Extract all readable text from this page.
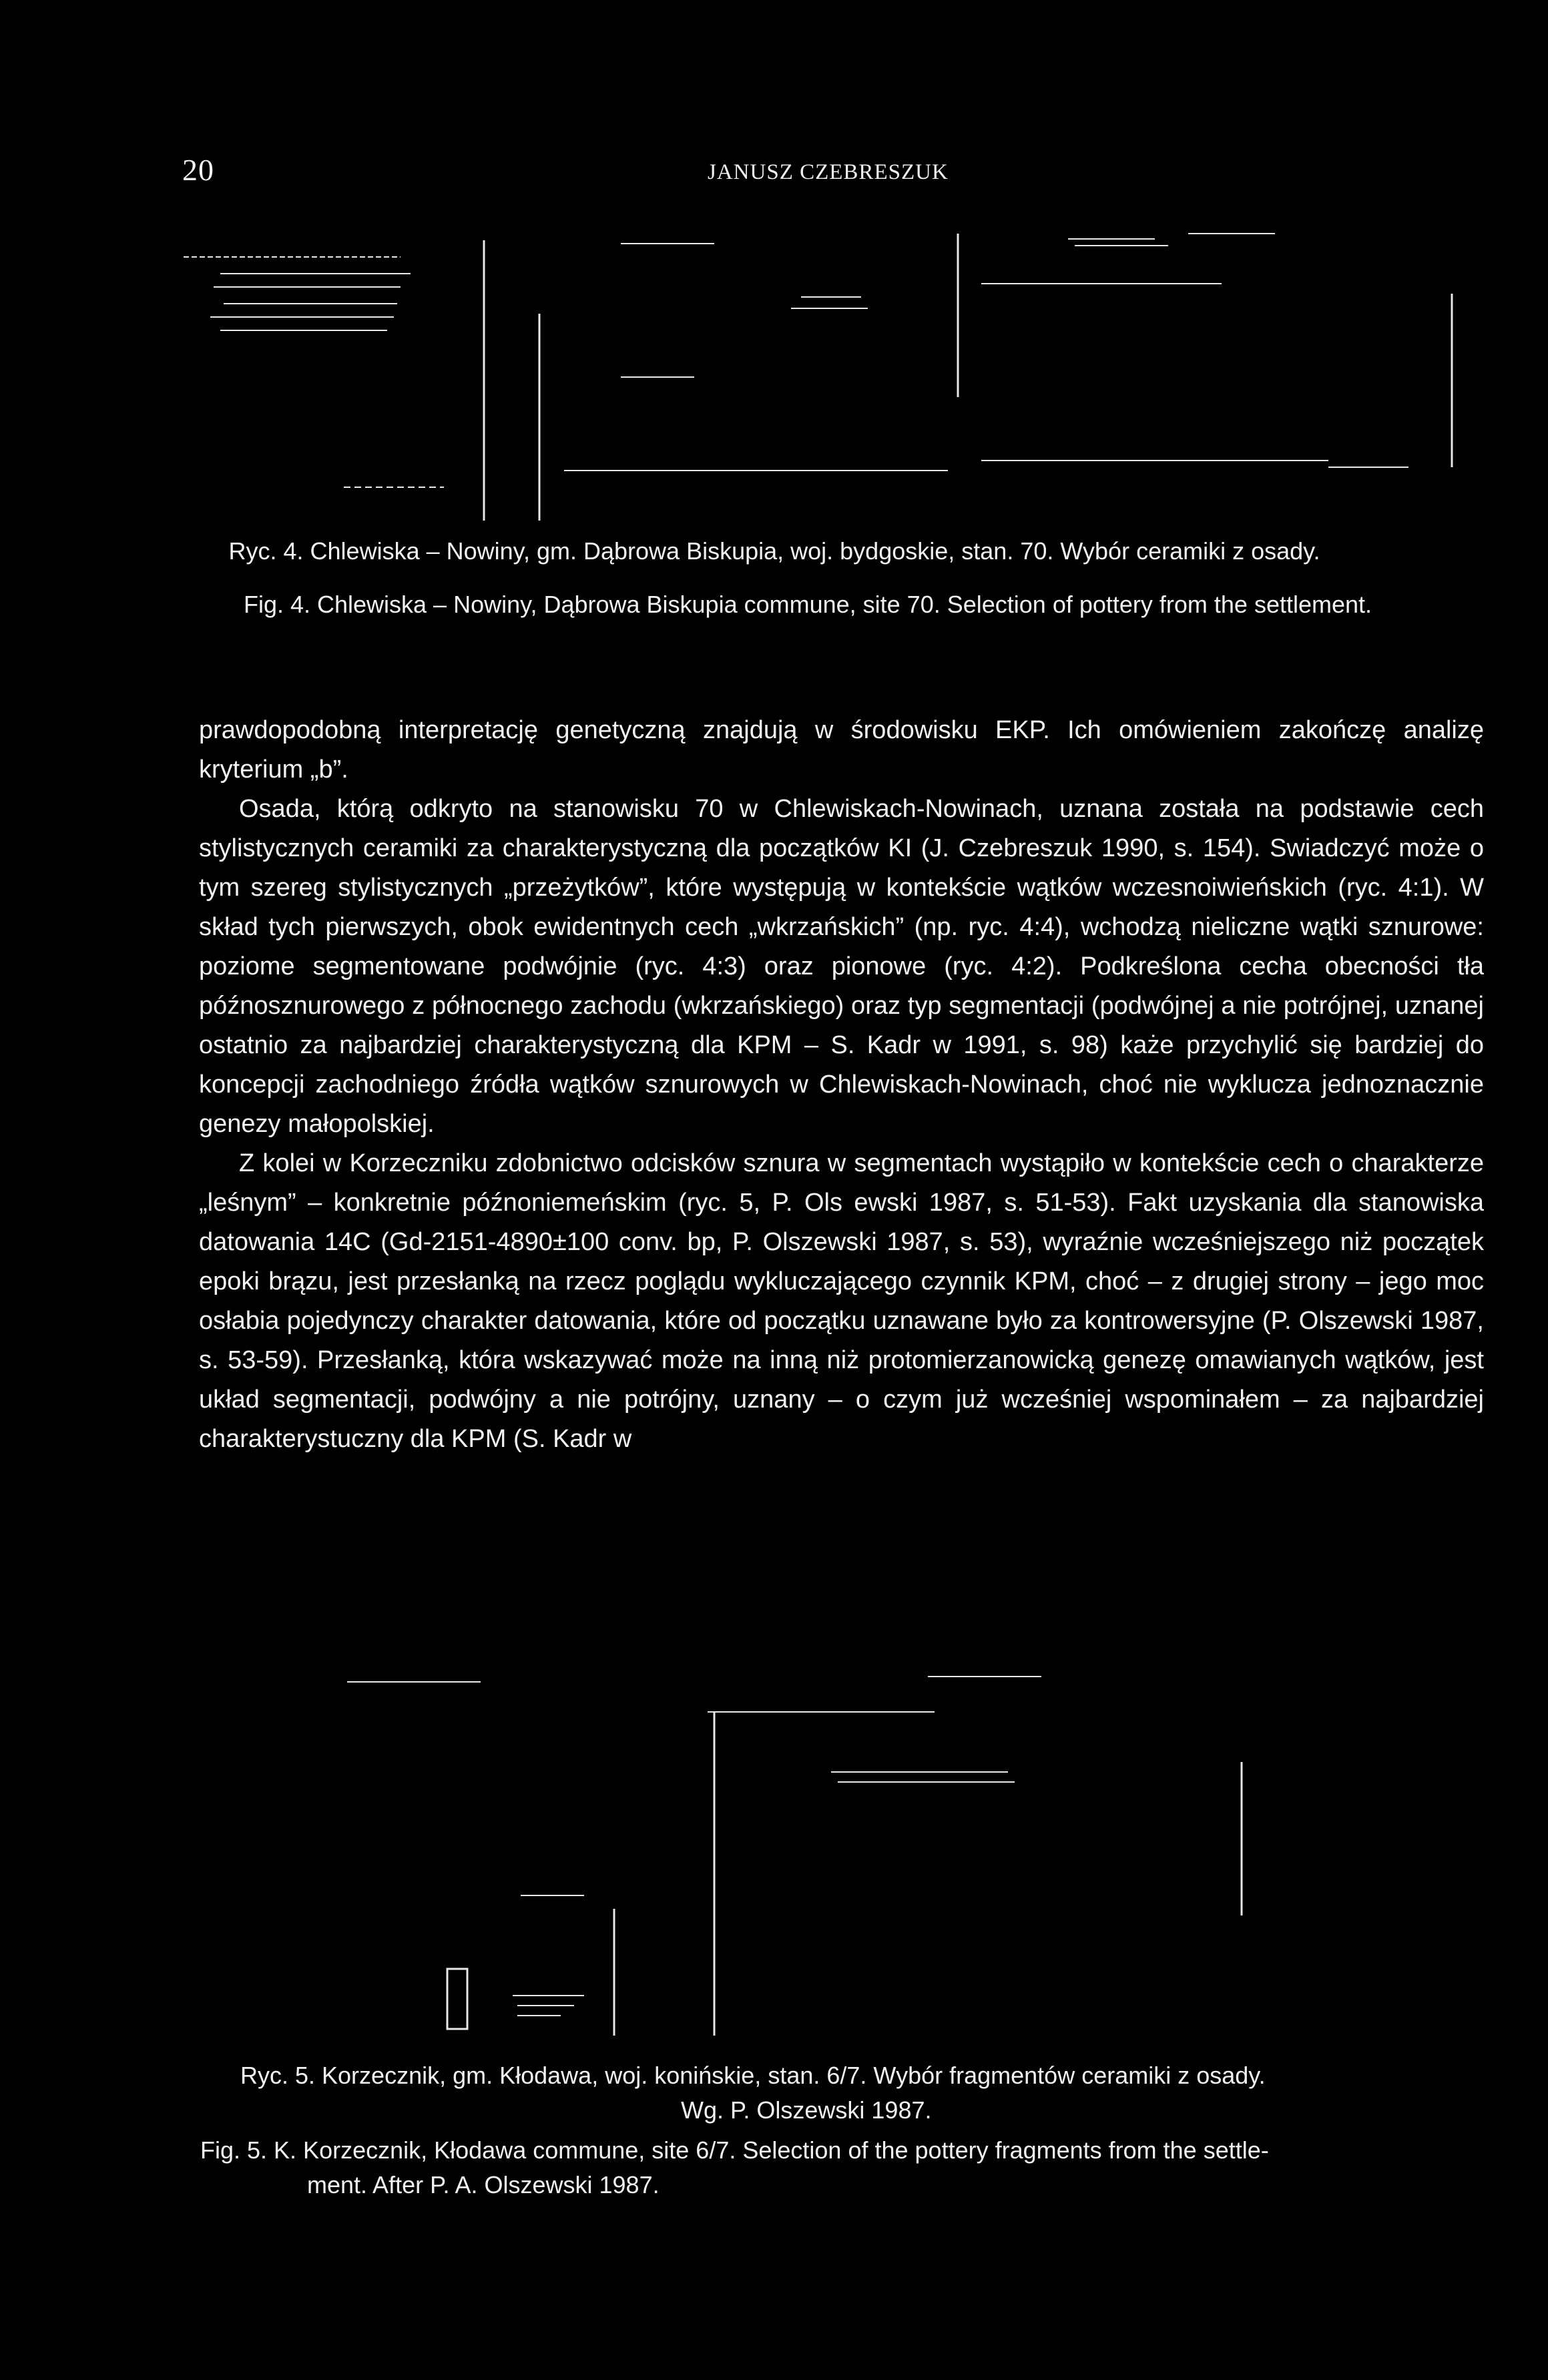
20	JANUSZ CZEBRESZUK
Ryc. 4. Chlewiska – Nowiny, gm. Dąbrowa Biskupia, woj. bydgoskie, stan. 70. Wybór ceramiki z osady.
Fig. 4. Chlewiska – Nowiny, Dąbrowa Biskupia commune, site 70. Selection of pottery from the settlement.

prawdopodobną interpretację genetyczną znajdują w środowisku EKP. Ich omówieniem zakończę analizę kryterium „b”.

Osada, którą odkryto na stanowisku 70 w Chlewiskach-Nowinach, uznana została na podstawie cech stylistycznych ceramiki za charakterystyczną dla początków KI (J. Czebreszuk 1990, s. 154). Swiadczyć może o tym szereg stylistycznych „przeżytków”, które występują w kontekście wątków wczesnoiwieńskich (ryc. 4:1). W skład tych pierwszych, obok ewidentnych cech „wkrzańskich” (np. ryc. 4:4), wchodzą nieliczne wątki sznurowe: poziome segmentowane podwójnie (ryc. 4:3) oraz pionowe (ryc. 4:2). Podkreślona cecha obecności tła późnosznurowego z północnego zachodu (wkrzańskiego) oraz typ segmentacji (podwójnej a nie potrójnej, uznanej ostatnio za najbardziej charakterystyczną dla KPM – S. Kadr w 1991, s. 98) każe przychylić się bardziej do koncepcji zachodniego źródła wątków sznurowych w Chlewiskach-Nowinach, choć nie wyklucza jednoznacznie genezy małopolskiej.

Z kolei w Korzeczniku zdobnictwo odcisków sznura w segmentach wystąpiło w kontekście cech o charakterze „leśnym” – konkretnie późnoniemeńskim (ryc. 5, P. Ols ewski 1987, s. 51-53). Fakt uzyskania dla stanowiska datowania 14C (Gd-2151-4890±100 conv. bp, P. Olszewski 1987, s. 53), wyraźnie wcześniejszego niż początek epoki brązu, jest przesłanką na rzecz poglądu wykluczającego czynnik KPM, choć – z drugiej strony – jego moc osłabia pojedynczy charakter datowania, które od początku uznawane było za kontrowersyjne (P. Olszewski 1987, s. 53-59). Przesłanką, która wskazywać może na inną niż protomierzanowicką genezę omawianych wątków, jest układ segmentacji, podwójny a nie potrójny, uznany – o czym już wcześniej wspominałem – za najbardziej charakterystuczny dla KPM (S. Kadr w

Ryc. 5. Korzecznik, gm. Kłodawa, woj. konińskie, stan. 6/7. Wybór fragmentów ceramiki z osady.
Wg. P. Olszewski 1987.
Fig. 5. K. Korzecznik, Kłodawa commune, site 6/7. Selection of the pottery fragments from the settle-
ment. After P. A. Olszewski 1987.
